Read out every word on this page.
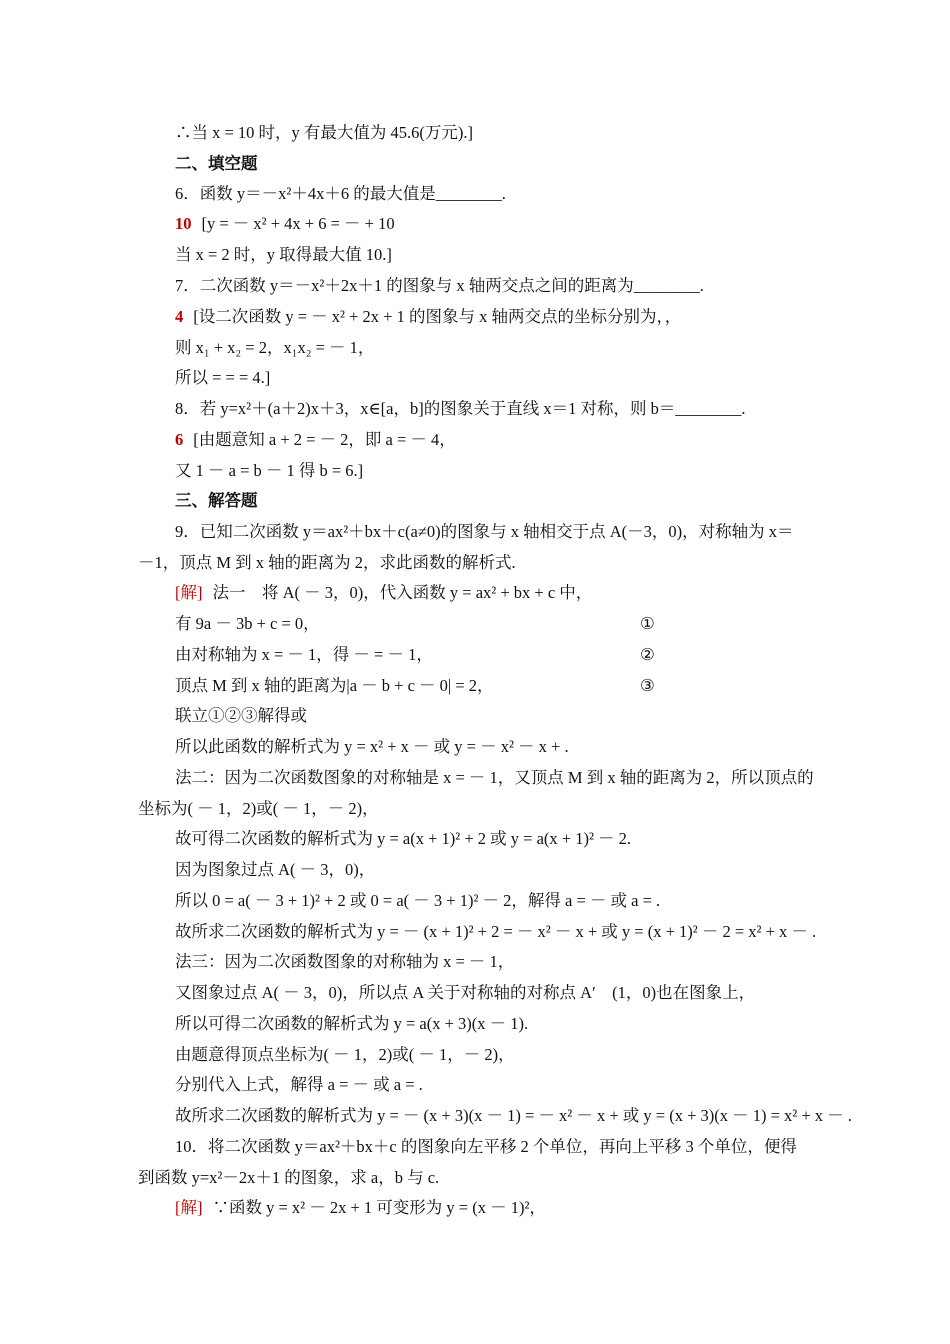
∴当 x = 10 时，y 有最大值为 45.6(万元).]
二、填空题
6．函数 y＝－x²＋4x＋6 的最大值是________.
10 [y = － x² + 4x + 6 = － + 10
当 x = 2 时，y 取得最大值 10.]
7．二次函数 y＝－x²＋2x＋1 的图象与 x 轴两交点之间的距离为________.
4 [设二次函数 y = － x² + 2x + 1 的图象与 x 轴两交点的坐标分别为，，
则 x₁ + x₂ = 2，x₁x₂ = － 1，
所以 = = = 4.]
8．若 y=x²＋(a＋2)x＋3，x∈[a，b]的图象关于直线 x＝1 对称，则 b＝________.
6 [由题意知 a + 2 = － 2，即 a = － 4，
又 1 － a = b － 1 得 b = 6.]
三、解答题
9．已知二次函数 y＝ax²＋bx＋c(a≠0)的图象与 x 轴相交于点 A(－3，0)，对称轴为 x＝
－1，顶点 M 到 x 轴的距离为 2，求此函数的解析式.
[解] 法一　将 A( － 3，0)，代入函数 y = ax² + bx + c 中，
有 9a － 3b + c = 0，	①
由对称轴为 x = － 1，得 － = － 1，	②
顶点 M 到 x 轴的距离为|a － b + c － 0| = 2，	③
联立①②③解得或
所以此函数的解析式为 y = x² + x － 或 y = － x² － x + .
法二：因为二次函数图象的对称轴是 x = － 1，又顶点 M 到 x 轴的距离为 2，所以顶点的
坐标为( － 1，2)或( － 1，－ 2)，
故可得二次函数的解析式为 y = a(x + 1)² + 2 或 y = a(x + 1)² － 2.
因为图象过点 A( － 3，0)，
所以 0 = a( － 3 + 1)² + 2 或 0 = a( － 3 + 1)² － 2，解得 a = － 或 a = .
故所求二次函数的解析式为 y = － (x + 1)² + 2 = － x² － x + 或 y = (x + 1)² － 2 = x² + x － .
法三：因为二次函数图象的对称轴为 x = － 1，
又图象过点 A( － 3，0)，所以点 A 关于对称轴的对称点 A′　(1，0)也在图象上，
所以可得二次函数的解析式为 y = a(x + 3)(x － 1).
由题意得顶点坐标为( － 1，2)或( － 1，－ 2)，
分别代入上式，解得 a = － 或 a = .
故所求二次函数的解析式为 y = － (x + 3)(x － 1) = － x² － x + 或 y = (x + 3)(x － 1) = x² + x － .
10．将二次函数 y＝ax²＋bx＋c 的图象向左平移 2 个单位，再向上平移 3 个单位，便得
到函数 y=x²－2x＋1 的图象，求 a，b 与 c.
[解] ∵函数 y = x² － 2x + 1 可变形为 y = (x － 1)²，
